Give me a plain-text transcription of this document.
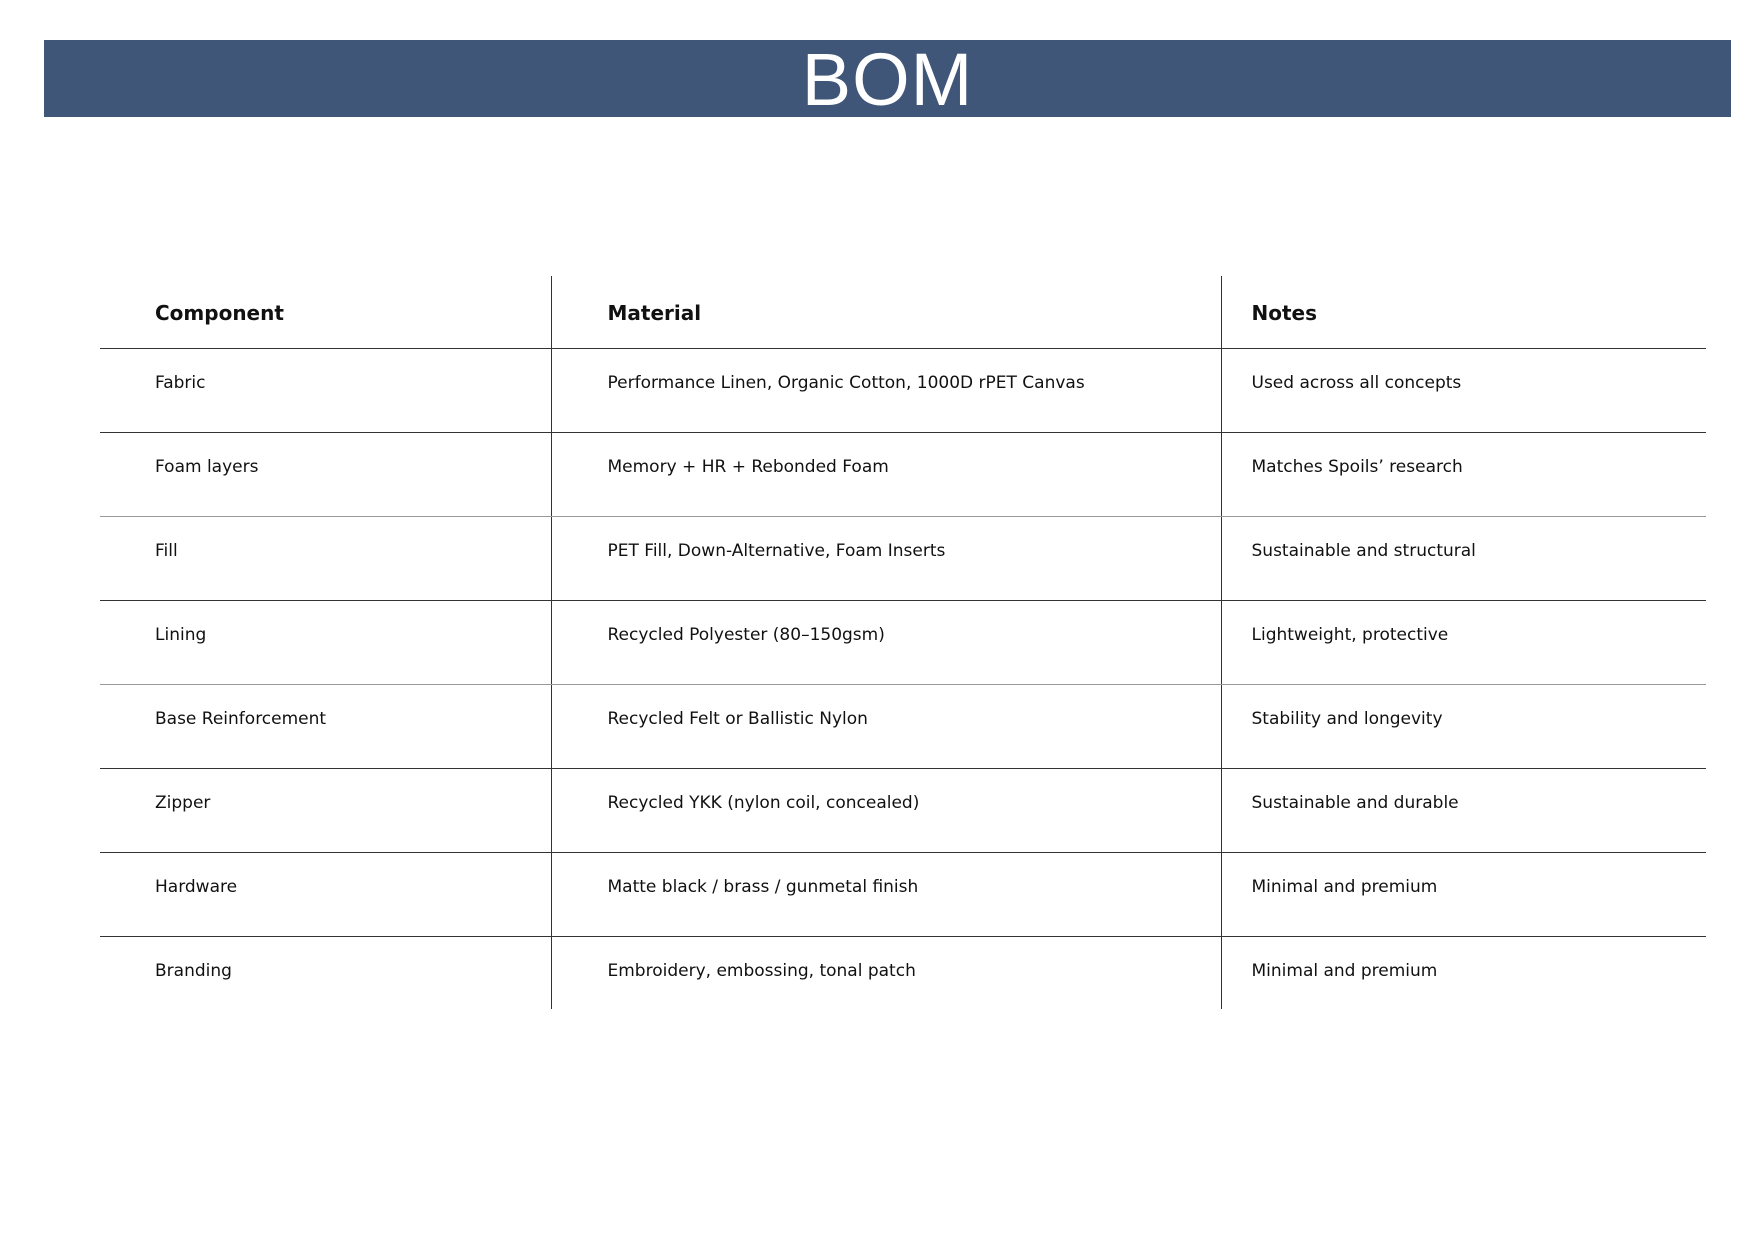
BOM
Component	Material	Notes
Fabric	Performance Linen, Organic Cotton, 1000D rPET Canvas	Used across all concepts
Foam layers	Memory + HR + Rebonded Foam	Matches Spoils’ research
Fill	PET Fill, Down-Alternative, Foam Inserts	Sustainable and structural
Lining	Recycled Polyester (80–150gsm)	Lightweight, protective
Base Reinforcement	Recycled Felt or Ballistic Nylon	Stability and longevity
Zipper	Recycled YKK (nylon coil, concealed)	Sustainable and durable
Hardware	Matte black / brass / gunmetal finish	Minimal and premium
Branding	Embroidery, embossing, tonal patch	Minimal and premium
